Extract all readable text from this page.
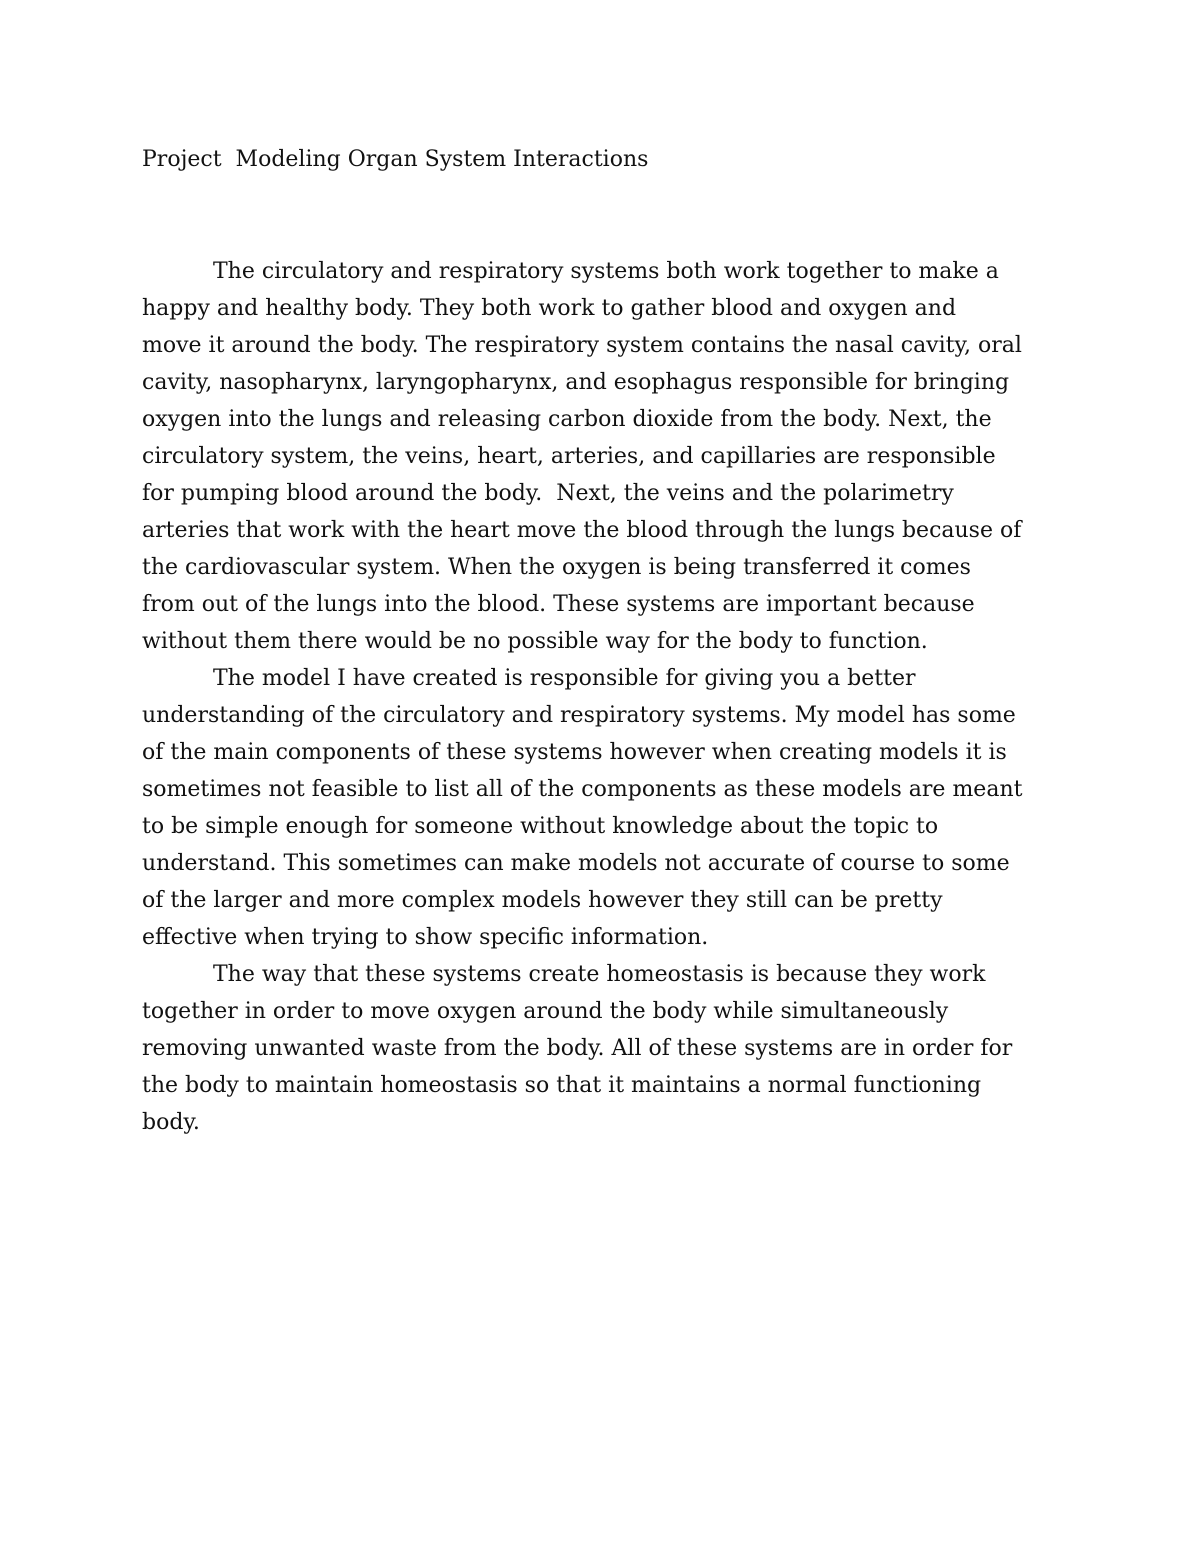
Project  Modeling Organ System Interactions

The circulatory and respiratory systems both work together to make a

happy and healthy body. They both work to gather blood and oxygen and

move it around the body. The respiratory system contains the nasal cavity, oral

cavity, nasopharynx, laryngopharynx, and esophagus responsible for bringing

oxygen into the lungs and releasing carbon dioxide from the body. Next, the

circulatory system, the veins, heart, arteries, and capillaries are responsible

for pumping blood around the body.  Next, the veins and the polarimetry

arteries that work with the heart move the blood through the lungs because of

the cardiovascular system. When the oxygen is being transferred it comes

from out of the lungs into the blood. These systems are important because

without them there would be no possible way for the body to function.

The model I have created is responsible for giving you a better

understanding of the circulatory and respiratory systems. My model has some

of the main components of these systems however when creating models it is

sometimes not feasible to list all of the components as these models are meant

to be simple enough for someone without knowledge about the topic to

understand. This sometimes can make models not accurate of course to some

of the larger and more complex models however they still can be pretty

effective when trying to show specific information.

The way that these systems create homeostasis is because they work

together in order to move oxygen around the body while simultaneously

removing unwanted waste from the body. All of these systems are in order for

the body to maintain homeostasis so that it maintains a normal functioning

body.
